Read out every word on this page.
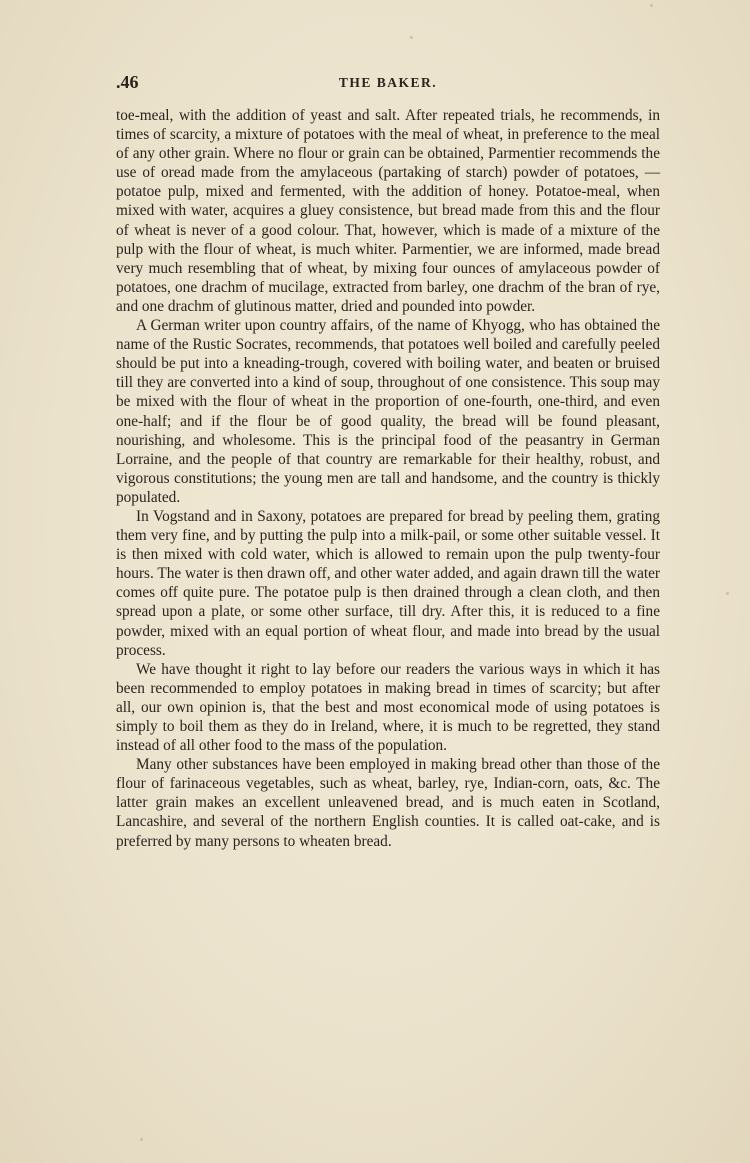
.46	THE BAKER.

toe-meal, with the addition of yeast and salt. After repeated trials, he recommends, in times of scarcity, a mixture of potatoes with the meal of wheat, in preference to the meal of any other grain. Where no flour or grain can be obtained, Parmentier recommends the use of oread made from the amylaceous (partaking of starch) powder of potatoes, — potatoe pulp, mixed and fermented, with the addition of honey. Potatoe-meal, when mixed with water, acquires a gluey consistence, but bread made from this and the flour of wheat is never of a good colour. That, however, which is made of a mixture of the pulp with the flour of wheat, is much whiter. Parmentier, we are informed, made bread very much resembling that of wheat, by mixing four ounces of amylaceous powder of potatoes, one drachm of mucilage, extracted from barley, one drachm of the bran of rye, and one drachm of glutinous matter, dried and pounded into powder.

A German writer upon country affairs, of the name of Khyogg, who has obtained the name of the Rustic Socrates, recommends, that potatoes well boiled and carefully peeled should be put into a kneading-trough, covered with boiling water, and beaten or bruised till they are converted into a kind of soup, throughout of one consistence. This soup may be mixed with the flour of wheat in the proportion of one-fourth, one-third, and even one-half; and if the flour be of good quality, the bread will be found pleasant, nourishing, and wholesome. This is the principal food of the peasantry in German Lorraine, and the people of that country are remarkable for their healthy, robust, and vigorous constitutions; the young men are tall and handsome, and the country is thickly populated.

In Vogstand and in Saxony, potatoes are prepared for bread by peeling them, grating them very fine, and by putting the pulp into a milk-pail, or some other suitable vessel. It is then mixed with cold water, which is allowed to remain upon the pulp twenty-four hours. The water is then drawn off, and other water added, and again drawn till the water comes off quite pure. The potatoe pulp is then drained through a clean cloth, and then spread upon a plate, or some other surface, till dry. After this, it is reduced to a fine powder, mixed with an equal portion of wheat flour, and made into bread by the usual process.

We have thought it right to lay before our readers the various ways in which it has been recommended to employ potatoes in making bread in times of scarcity; but after all, our own opinion is, that the best and most economical mode of using potatoes is simply to boil them as they do in Ireland, where, it is much to be regretted, they stand instead of all other food to the mass of the population.

Many other substances have been employed in making bread other than those of the flour of farinaceous vegetables, such as wheat, barley, rye, Indian-corn, oats, &c. The latter grain makes an excellent unleavened bread, and is much eaten in Scotland, Lancashire, and several of the northern English counties. It is called oat-cake, and is preferred by many persons to wheaten bread.
